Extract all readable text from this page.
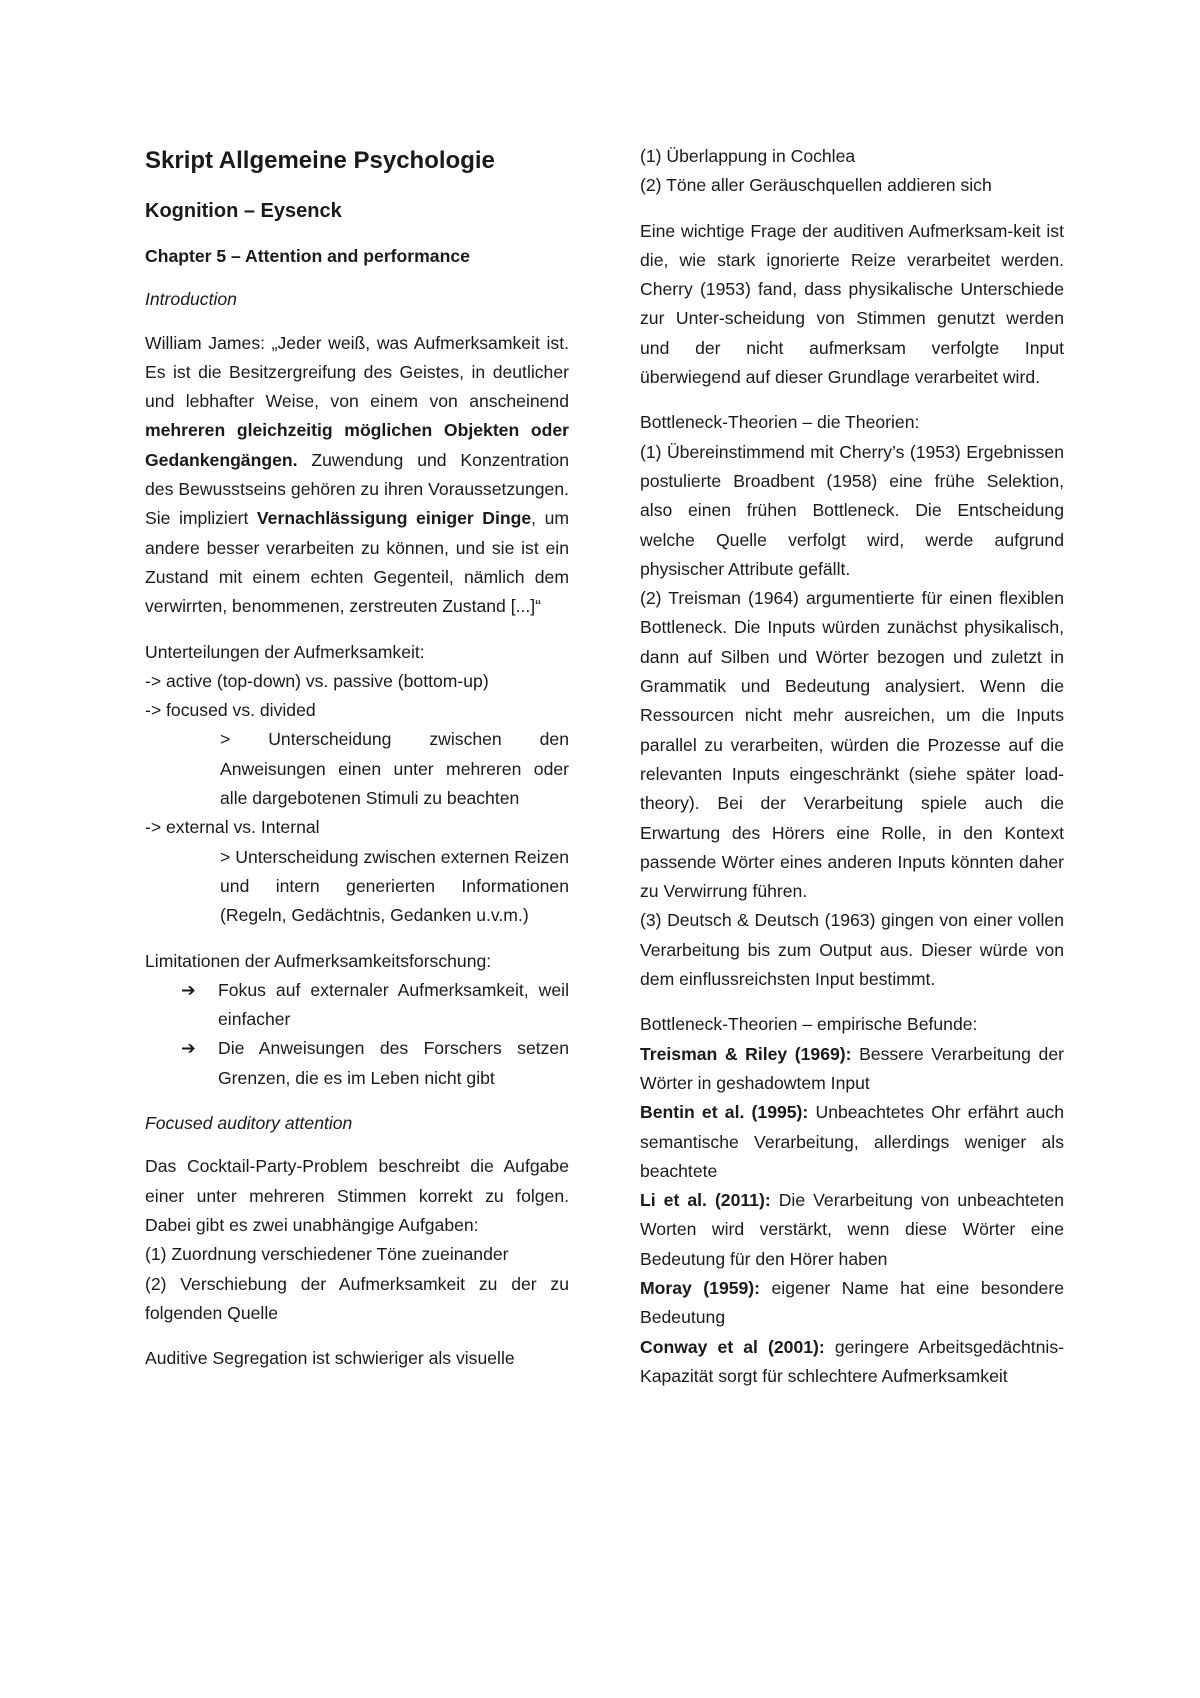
Skript Allgemeine Psychologie
Kognition – Eysenck
Chapter 5 – Attention and performance
Introduction

William James: „Jeder weiß, was Aufmerksamkeit ist. Es ist die Besitzergreifung des Geistes, in deutlicher und lebhafter Weise, von einem von anscheinend mehreren gleichzeitig möglichen Objekten oder Gedankengängen. Zuwendung und Konzentration des Bewusstseins gehören zu ihren Voraussetzungen. Sie impliziert Vernachlässigung einiger Dinge, um andere besser verarbeiten zu können, und sie ist ein Zustand mit einem echten Gegenteil, nämlich dem verwirrten, benommenen, zerstreuten Zustand [...]“

Unterteilungen der Aufmerksamkeit:

-> active (top-down) vs. passive (bottom-up)

-> focused vs. divided

> Unterscheidung zwischen den Anweisungen einen unter mehreren oder alle dargebotenen Stimuli zu beachten

-> external vs. Internal

> Unterscheidung zwischen externen Reizen und intern generierten Informationen (Regeln, Gedächtnis, Gedanken u.v.m.)

Limitationen der Aufmerksamkeitsforschung:

➔ Fokus auf externaler Aufmerksamkeit, weil einfacher
➔ Die Anweisungen des Forschers setzen Grenzen, die es im Leben nicht gibt
Focused auditory attention

Das Cocktail-Party-Problem beschreibt die Aufgabe einer unter mehreren Stimmen korrekt zu folgen. Dabei gibt es zwei unabhängige Aufgaben:

(1) Zuordnung verschiedener Töne zueinander

(2) Verschiebung der Aufmerksamkeit zu der zu folgenden Quelle

Auditive Segregation ist schwieriger als visuelle

(1) Überlappung in Cochlea

(2) Töne aller Geräuschquellen addieren sich

Eine wichtige Frage der auditiven Aufmerksam-keit ist die, wie stark ignorierte Reize verarbeitet werden. Cherry (1953) fand, dass physikalische Unterschiede zur Unter-scheidung von Stimmen genutzt werden und der nicht aufmerksam verfolgte Input überwiegend auf dieser Grundlage verarbeitet wird.

Bottleneck-Theorien – die Theorien:

(1) Übereinstimmend mit Cherry’s (1953) Ergebnissen postulierte Broadbent (1958) eine frühe Selektion, also einen frühen Bottleneck. Die Entscheidung welche Quelle verfolgt wird, werde aufgrund physischer Attribute gefällt.

(2) Treisman (1964) argumentierte für einen flexiblen Bottleneck. Die Inputs würden zunächst physikalisch, dann auf Silben und Wörter bezogen und zuletzt in Grammatik und Bedeutung analysiert. Wenn die Ressourcen nicht mehr ausreichen, um die Inputs parallel zu verarbeiten, würden die Prozesse auf die relevanten Inputs eingeschränkt (siehe später load-theory). Bei der Verarbeitung spiele auch die Erwartung des Hörers eine Rolle, in den Kontext passende Wörter eines anderen Inputs könnten daher zu Verwirrung führen.

(3) Deutsch & Deutsch (1963) gingen von einer vollen Verarbeitung bis zum Output aus. Dieser würde von dem einflussreichsten Input bestimmt.

Bottleneck-Theorien – empirische Befunde:

Treisman & Riley (1969): Bessere Verarbeitung der Wörter in geshadowtem Input

Bentin et al. (1995): Unbeachtetes Ohr erfährt auch semantische Verarbeitung, allerdings weniger als beachtete

Li et al. (2011): Die Verarbeitung von unbeachteten Worten wird verstärkt, wenn diese Wörter eine Bedeutung für den Hörer haben

Moray (1959): eigener Name hat eine besondere Bedeutung

Conway et al (2001): geringere Arbeitsgedächtnis-Kapazität sorgt für schlechtere Aufmerksamkeit
